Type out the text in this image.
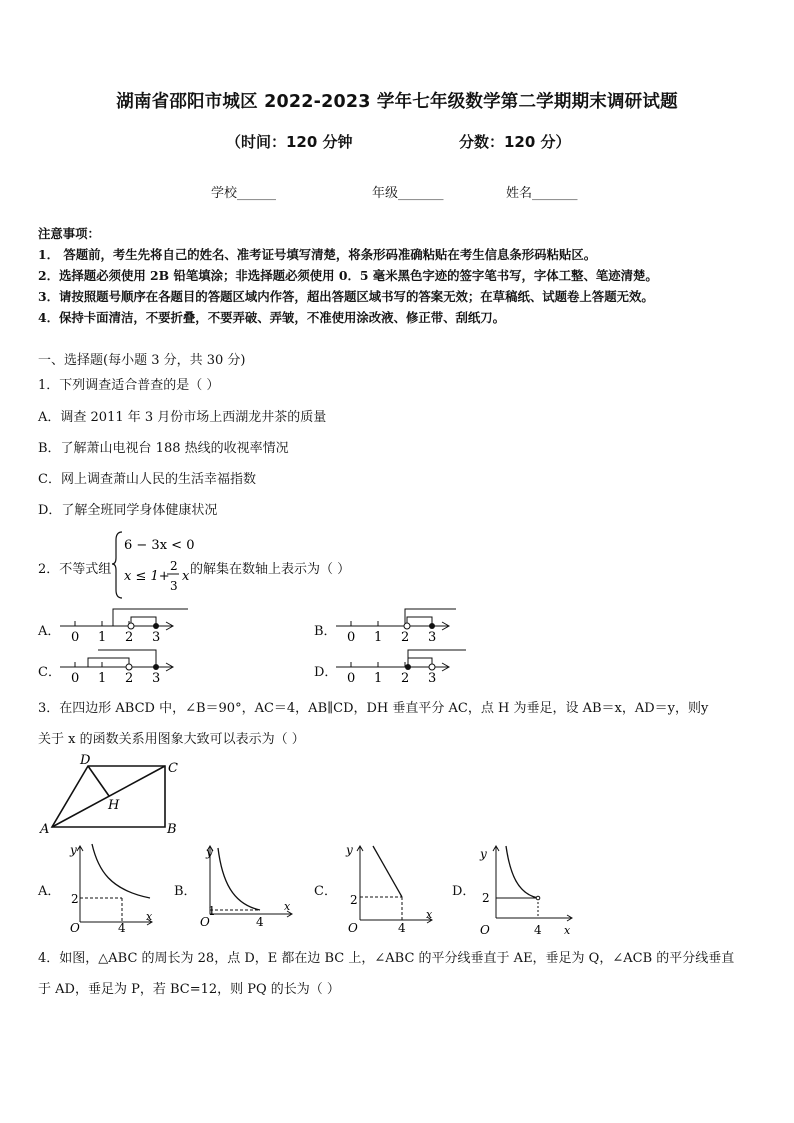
湖南省邵阳市城区 2022-2023 学年七年级数学第二学期期末调研试题
（时间：120 分钟	分数：120 分）
学校______	年级_______	姓名_______
注意事项：
1． 答题前，考生先将自己的姓名、准考证号填写清楚，将条形码准确粘贴在考生信息条形码粘贴区。
2．选择题必须使用 2B 铅笔填涂；非选择题必须使用 0．5 毫米黑色字迹的签字笔书写，字体工整、笔迹清楚。
3．请按照题号顺序在各题目的答题区域内作答，超出答题区域书写的答案无效；在草稿纸、试题卷上答题无效。
4．保持卡面清洁，不要折叠，不要弄破、弄皱，不准使用涂改液、修正带、刮纸刀。
一、选择题(每小题 3 分，共 30 分)
1．下列调查适合普查的是（ ）
A．调查 2011 年 3 月份市场上西湖龙井茶的质量
B．了解萧山电视台 188 热线的收视率情况
C．网上调查萧山人民的生活幸福指数
D．了解全班同学身体健康状况
2．不等式组
6 − 3x < 0
x ≤ 1+
2
3
x 的解集在数轴上表示为（ ）
A．	B．
C．	D．
0 1 2 3	0 1 2 3
0 1 2 3	0 1 2 3
3．在四边形 ABCD 中，∠B＝90°，AC＝4，AB∥CD，DH 垂直平分 AC，点 H 为垂足，设 AB＝x，AD＝y，则y
关于 x 的函数关系用图象大致可以表示为（ ）
A	B
C
D
H
A．	B．	C．	D．
y
x
O
2
4
y
x
O
1
4
y
x
O
2
4
y
x
O
2
4
4．如图，△ABC 的周长为 28，点 D，E 都在边 BC 上，∠ABC 的平分线垂直于 AE，垂足为 Q，∠ACB 的平分线垂直
于 AD，垂足为 P，若 BC=12，则 PQ 的长为（ ）
